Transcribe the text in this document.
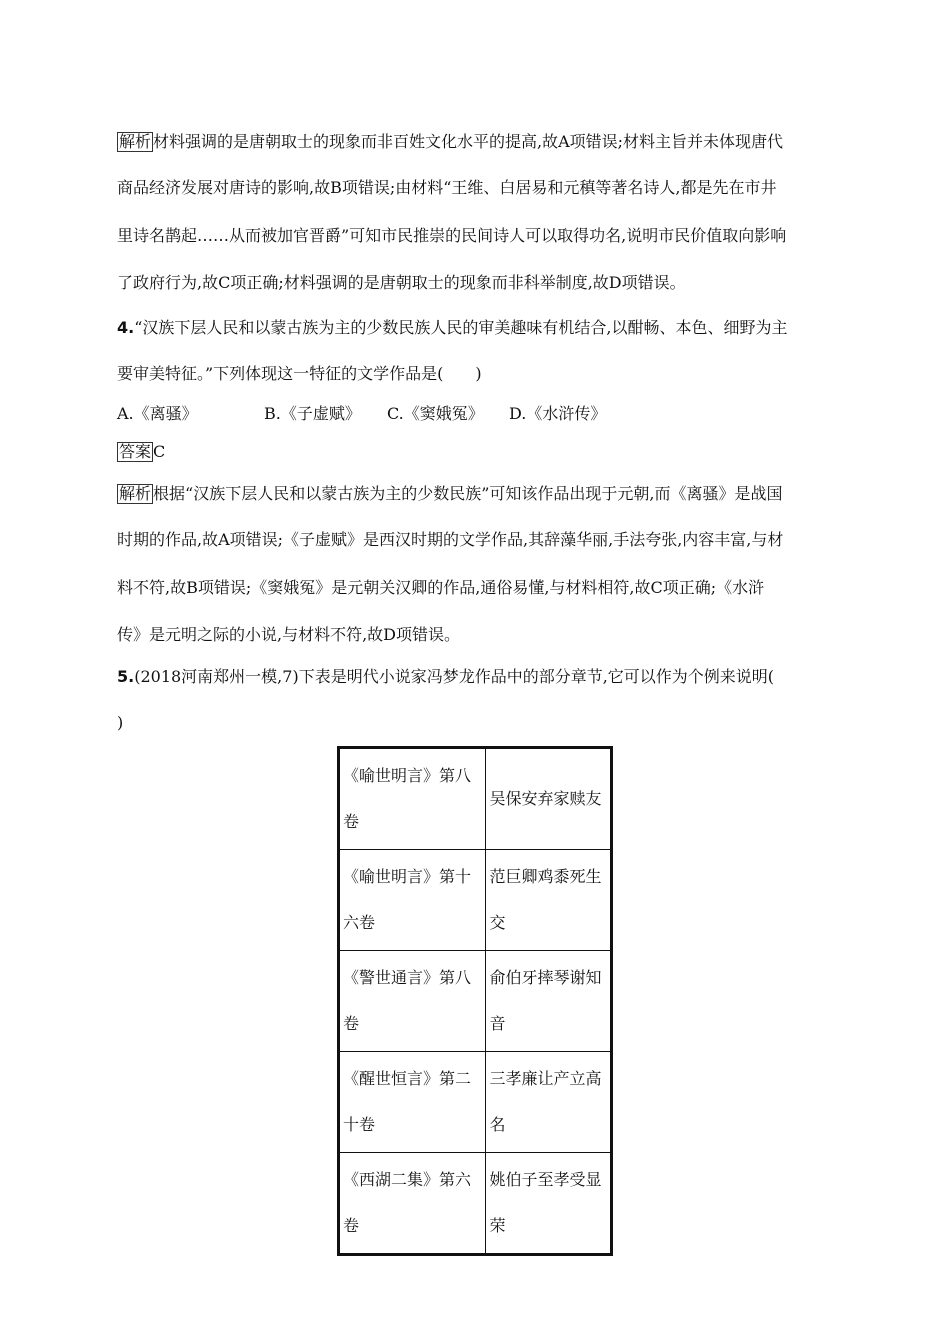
解析 材料强调的是唐朝取士的现象而非百姓文化水平的提高,故A项错误;材料主旨并未体现唐代
商品经济发展对唐诗的影响,故B项错误;由材料“王维、白居易和元稹等著名诗人,都是先在市井
里诗名鹊起……从而被加官晋爵”可知市民推崇的民间诗人可以取得功名,说明市民价值取向影响
了政府行为,故C项正确;材料强调的是唐朝取士的现象而非科举制度,故D项错误。
4.“汉族下层人民和以蒙古族为主的少数民族人民的审美趣味有机结合,以酣畅、本色、细野为主
要审美特征。”下列体现这一特征的文学作品是(　　)
A.《离骚》	B.《子虚赋》 C.《窦娥冤》 D.《水浒传》
答案 C
解析 根据“汉族下层人民和以蒙古族为主的少数民族”可知该作品出现于元朝,而《离骚》是战国
时期的作品,故A项错误;《子虚赋》是西汉时期的文学作品,其辞藻华丽,手法夸张,内容丰富,与材
料不符,故B项错误;《窦娥冤》是元朝关汉卿的作品,通俗易懂,与材料相符,故C项正确;《水浒
传》是元明之际的小说,与材料不符,故D项错误。
5.(2018河南郑州一模,7)下表是明代小说家冯梦龙作品中的部分章节,它可以作为个例来说明(
)
《喻世明言》第八卷	吴保安弃家赎友
《喻世明言》第十六卷	范巨卿鸡黍死生交
《警世通言》第八卷	俞伯牙摔琴谢知音
《醒世恒言》第二十卷	三孝廉让产立高名
《西湖二集》第六卷	姚伯子至孝受显荣
